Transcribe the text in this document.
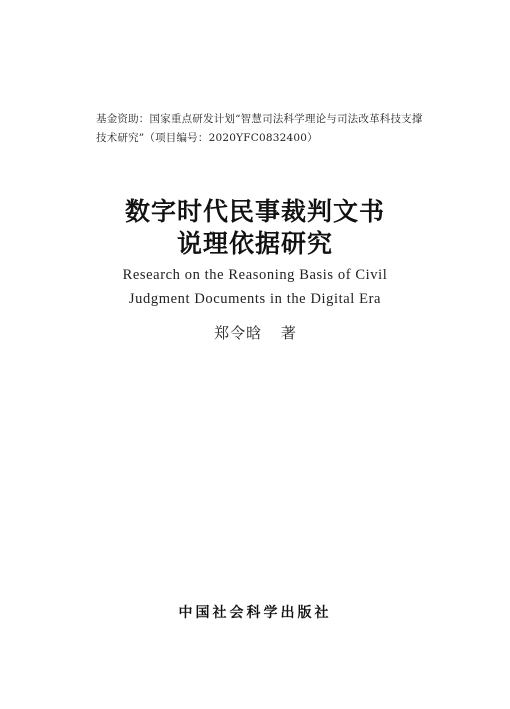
基金资助：国家重点研发计划“智慧司法科学理论与司法改革科技支撑
技术研究”（项目编号：2020YFC0832400）
数字时代民事裁判文书
说理依据研究
Research on the Reasoning Basis of Civil
Judgment Documents in the Digital Era
郑令晗 著
中国社会科学出版社
